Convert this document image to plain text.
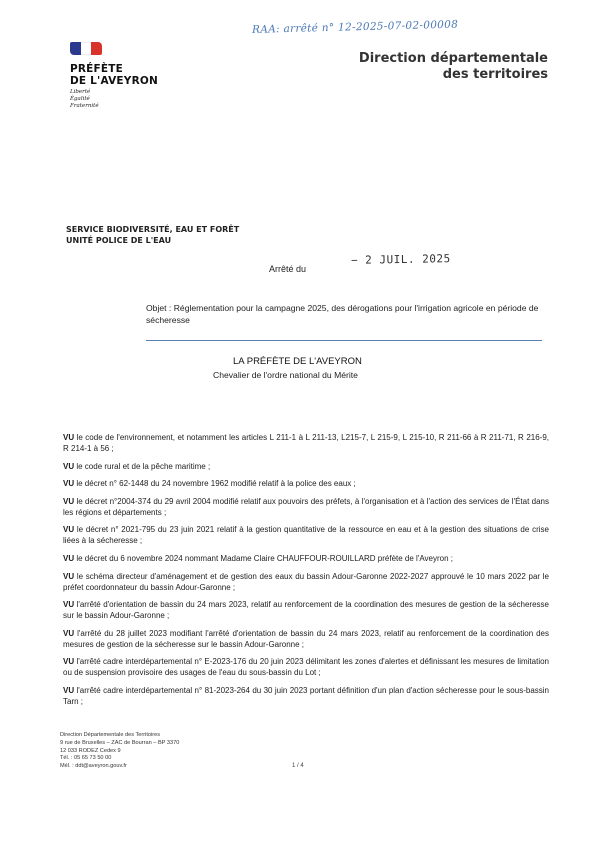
RAA: arrêté n° 12-2025-07-02-00008
PRÉFÈTE
DE L'AVEYRON
Liberté
Égalité
Fraternité
Direction départementale
des territoires
SERVICE BIODIVERSITÉ, EAU ET FORÊT
UNITÉ POLICE DE L'EAU
Arrêté du
− 2 JUIL. 2025
Objet : Réglementation pour la campagne 2025, des dérogations pour l'irrigation agricole en période de sécheresse
LA PRÉFÈTE DE L'AVEYRON
Chevalier de l'ordre national du Mérite
VU le code de l'environnement, et notamment les articles L 211-1 à L 211-13, L215-7, L 215-9, L 215-10, R 211-66 à R 211-71, R 216-9, R 214-1 à 56 ;
VU le code rural et de la pêche maritime ;
VU le décret n° 62-1448 du 24 novembre 1962 modifié relatif à la police des eaux ;
VU le décret n°2004-374 du 29 avril 2004 modifié relatif aux pouvoirs des préfets, à l'organisation et à l'action des services de l'État dans les régions et départements ;
VU le décret n° 2021-795 du 23 juin 2021 relatif à la gestion quantitative de la ressource en eau et à la gestion des situations de crise liées à la sécheresse ;
VU le décret du 6 novembre 2024 nommant Madame Claire CHAUFFOUR-ROUILLARD préfète de l'Aveyron ;
VU le schéma directeur d'aménagement et de gestion des eaux du bassin Adour-Garonne 2022-2027 approuvé le 10 mars 2022 par le préfet coordonnateur du bassin Adour-Garonne ;
VU l'arrêté d'orientation de bassin du 24 mars 2023, relatif au renforcement de la coordination des mesures de gestion de la sécheresse sur le bassin Adour-Garonne ;
VU l'arrêté du 28 juillet 2023 modifiant l'arrêté d'orientation de bassin du 24 mars 2023, relatif au renforcement de la coordination des mesures de gestion de la sécheresse sur le bassin Adour-Garonne ;
VU l'arrêté cadre interdépartemental n° E-2023-176 du 20 juin 2023 délimitant les zones d'alertes et définissant les mesures de limitation ou de suspension provisoire des usages de l'eau du sous-bassin du Lot ;
VU l'arrêté cadre interdépartemental n° 81-2023-264 du 30 juin 2023 portant définition d'un plan d'action sécheresse pour le sous-bassin Tarn ;
Direction Départementale des Territoires
9 rue de Bruxelles – ZAC de Bourran – BP 3370
12 033 RODEZ Cedex 9
Tél. : 05 65 73 50 00
Mél. : ddt@aveyron.gouv.fr	1 / 4
